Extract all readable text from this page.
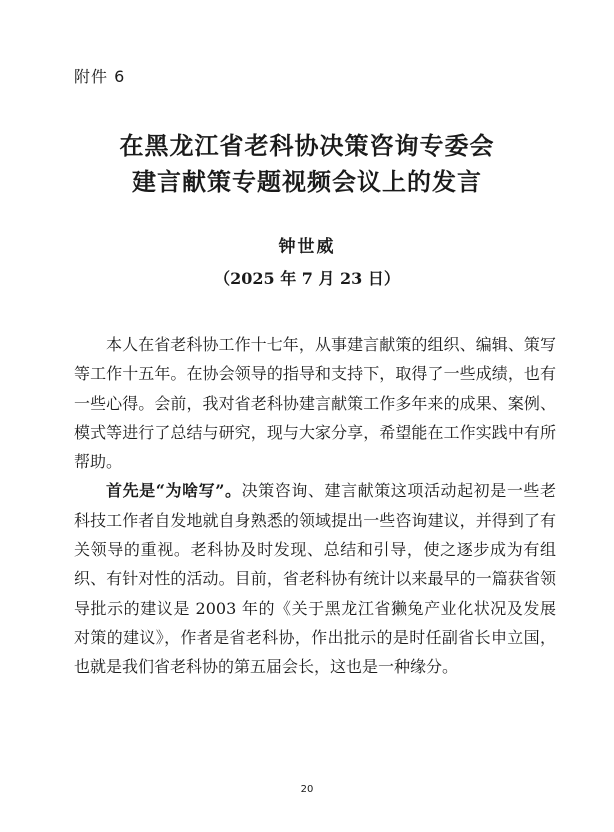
附件 6
在黑龙江省老科协决策咨询专委会
建言献策专题视频会议上的发言
钟世威
（2025 年 7 月 23 日）

本人在省老科协工作十七年，从事建言献策的组织、编辑、策写等工作十五年。在协会领导的指导和支持下，取得了一些成绩，也有一些心得。会前，我对省老科协建言献策工作多年来的成果、案例、模式等进行了总结与研究，现与大家分享，希望能在工作实践中有所帮助。

首先是“为啥写”。决策咨询、建言献策这项活动起初是一些老科技工作者自发地就自身熟悉的领域提出一些咨询建议，并得到了有关领导的重视。老科协及时发现、总结和引导，使之逐步成为有组织、有针对性的活动。目前，省老科协有统计以来最早的一篇获省领导批示的建议是 2003 年的《关于黑龙江省獭兔产业化状况及发展对策的建议》，作者是省老科协，作出批示的是时任副省长申立国，也就是我们省老科协的第五届会长，这也是一种缘分。

20
